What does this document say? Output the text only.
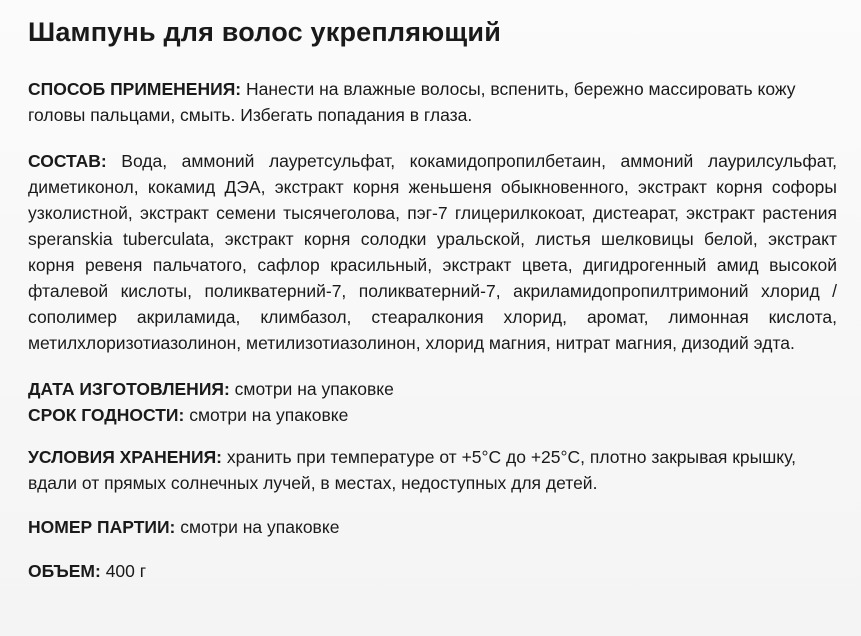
Шампунь для волос укрепляющий

СПОСОБ ПРИМЕНЕНИЯ: Нанести на влажные волосы, вспенить, бережно массировать кожу головы пальцами, смыть. Избегать попадания в глаза.

СОСТАВ: Вода, аммоний лауретсульфат, кокамидопропилбетаин, аммоний лаурилсульфат, диметиконол, кокамид ДЭА, экстракт корня женьшеня обыкновенного, экстракт корня софоры узколистной, экстракт семени тысячеголова, пэг-7 глицерилкокоат, дистеарат, экстракт растения speranskia tuberculata, экстракт корня солодки уральской, листья шелковицы белой, экстракт корня ревеня пальчатого, сафлор красильный, экстракт цвета, дигидрогенный амид высокой фталевой кислоты, поликватерний-7, поликватерний-7, акриламидопропилтримоний хлорид / сополимер акриламида, климбазол, стеаралкония хлорид, аромат, лимонная кислота, метилхлоризотиазолинон, метилизотиазолинон, хлорид магния, нитрат магния, дизодий эдта.

ДАТА ИЗГОТОВЛЕНИЯ: смотри на упаковке

СРОК ГОДНОСТИ: смотри на упаковке

УСЛОВИЯ ХРАНЕНИЯ: хранить при температуре от +5°С до +25°С, плотно закрывая крышку, вдали от прямых солнечных лучей, в местах, недоступных для детей.

НОМЕР ПАРТИИ: смотри на упаковке

ОБЪЕМ: 400 г
